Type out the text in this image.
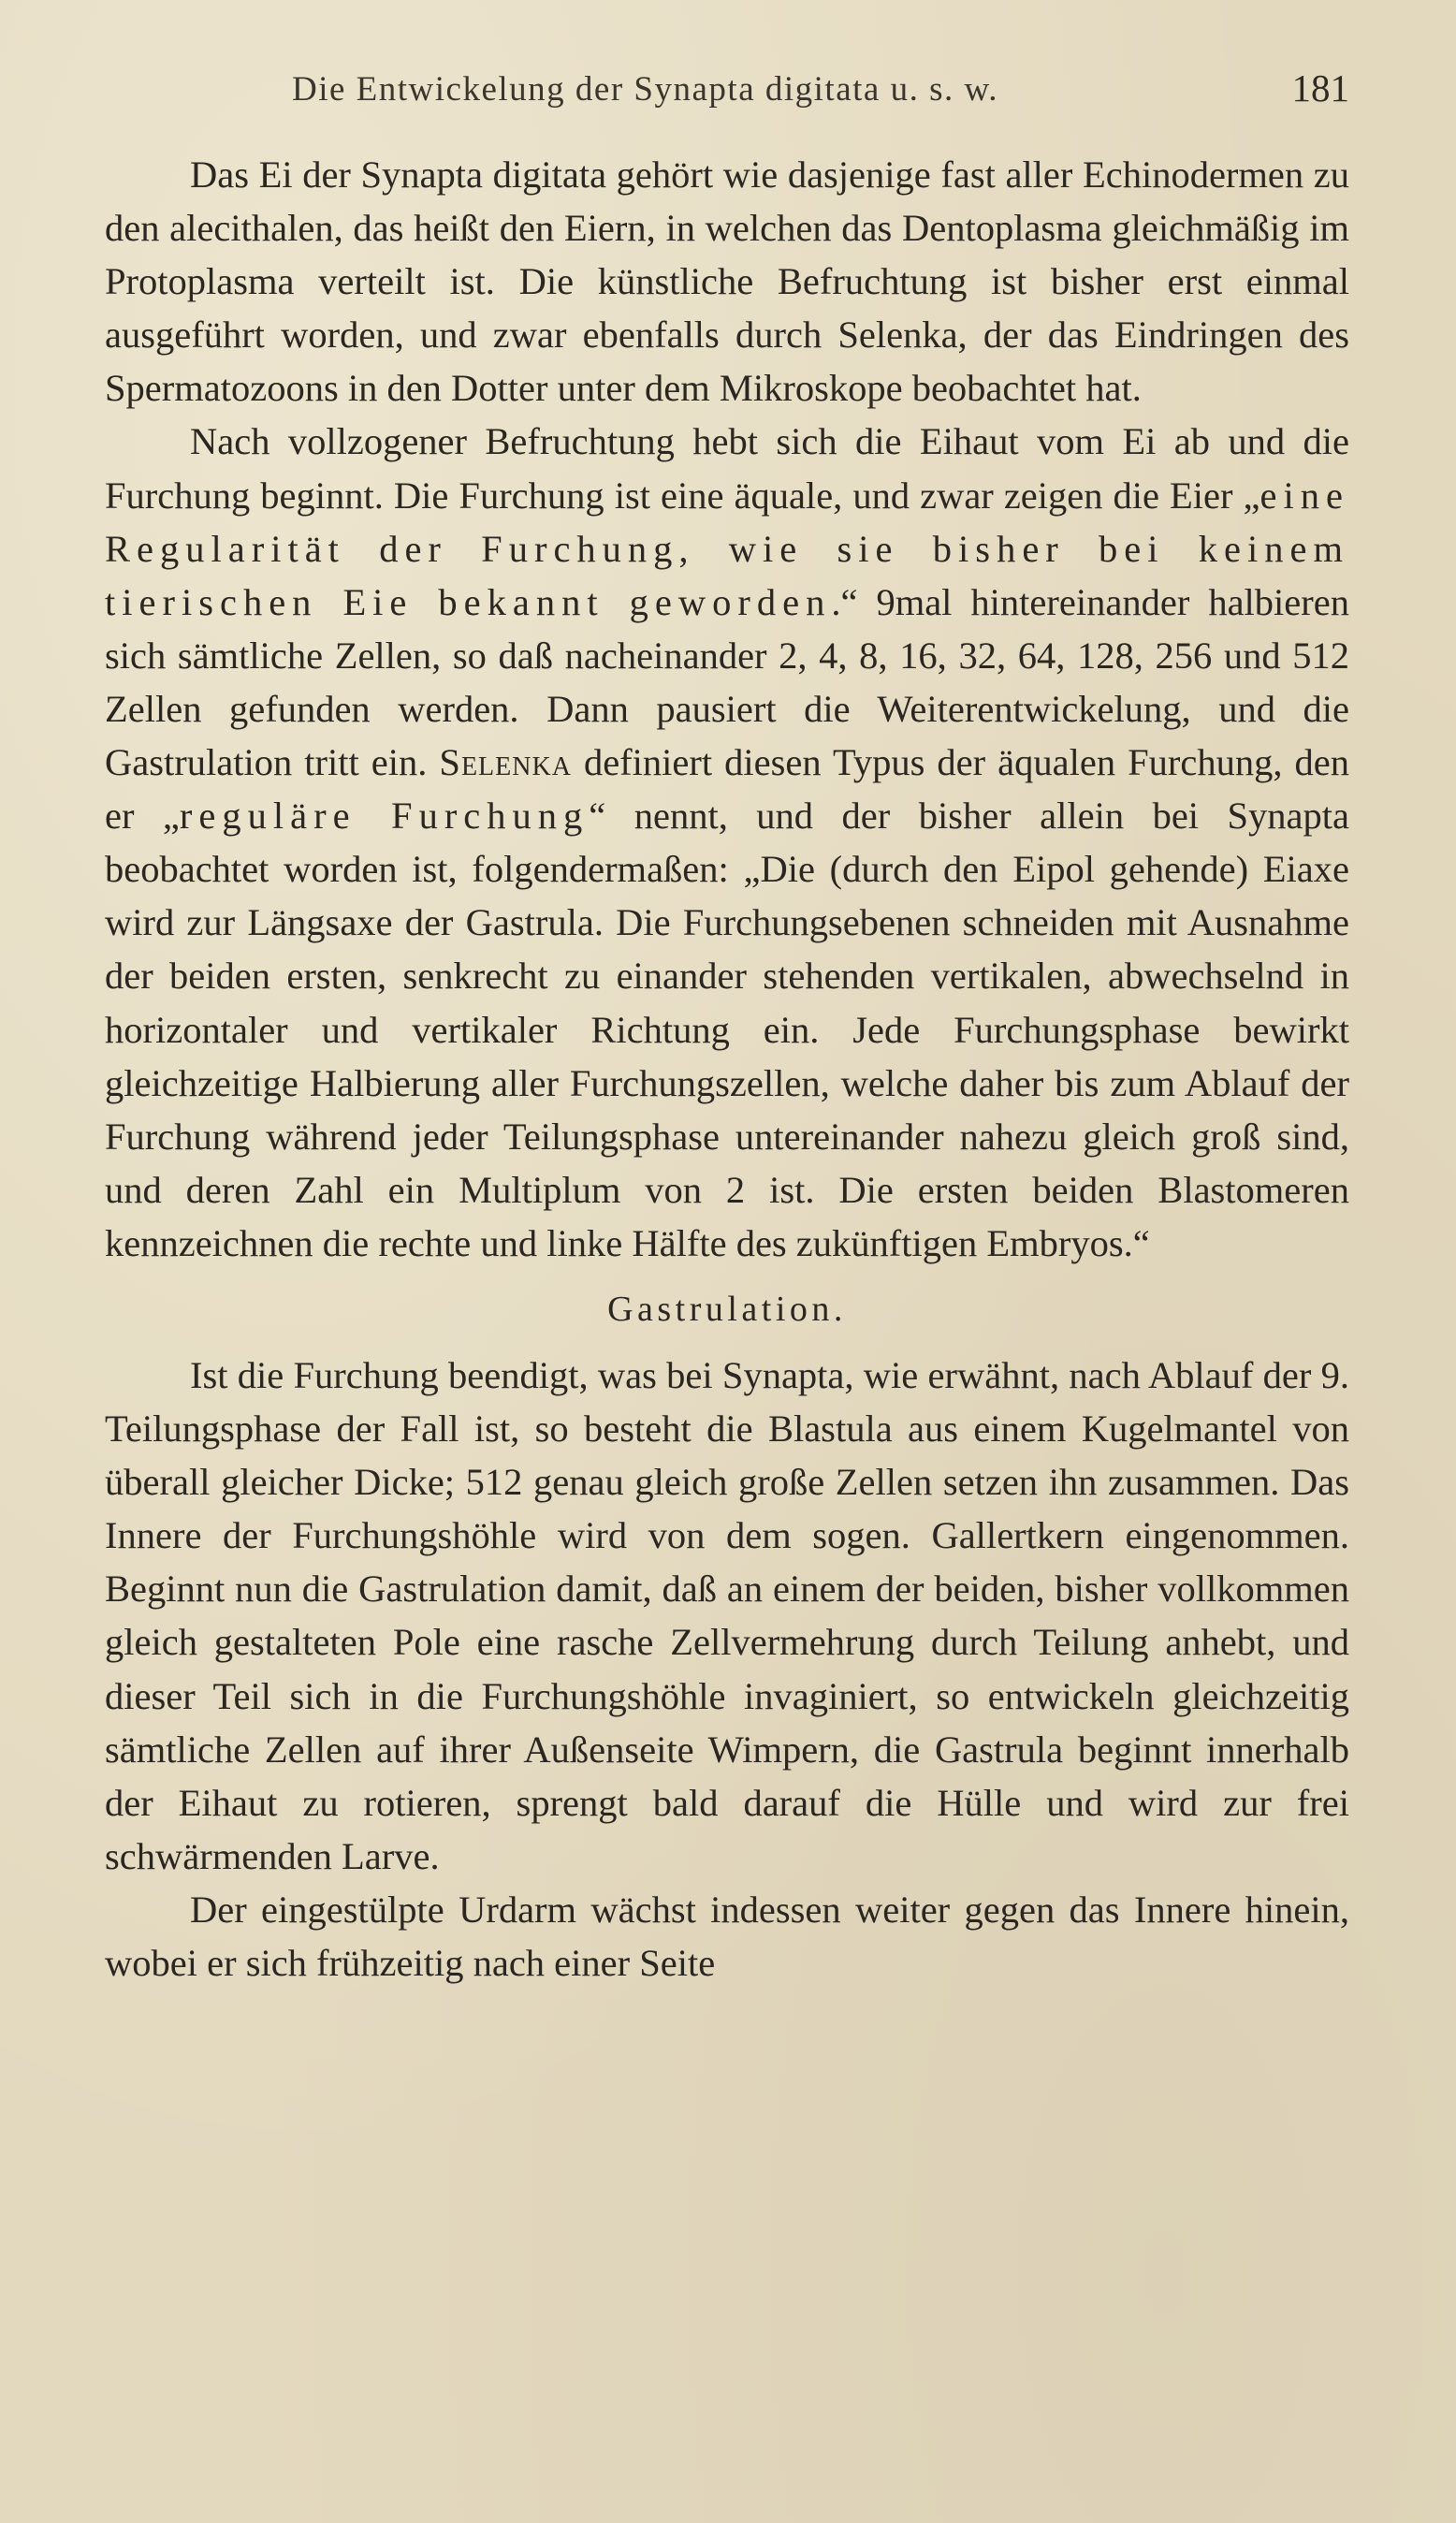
Die Entwickelung der Synapta digitata u. s. w.	181

Das Ei der Synapta digitata gehört wie dasjenige fast aller Echinodermen zu den alecithalen, das heißt den Eiern, in welchen das Dentoplasma gleichmäßig im Protoplasma verteilt ist. Die künstliche Befruchtung ist bisher erst einmal ausgeführt worden, und zwar ebenfalls durch Selenka, der das Eindringen des Spermatozoons in den Dotter unter dem Mikroskope beobachtet hat.

Nach vollzogener Befruchtung hebt sich die Eihaut vom Ei ab und die Furchung beginnt. Die Furchung ist eine äquale, und zwar zeigen die Eier „eine Regularität der Furchung, wie sie bisher bei keinem tierischen Eie bekannt geworden.“ 9mal hintereinander halbieren sich sämtliche Zellen, so daß nacheinander 2, 4, 8, 16, 32, 64, 128, 256 und 512 Zellen gefunden werden. Dann pausiert die Weiterentwickelung, und die Gastrulation tritt ein. Selenka definiert diesen Typus der äqualen Furchung, den er „reguläre Furchung“ nennt, und der bisher allein bei Synapta beobachtet worden ist, folgendermaßen: „Die (durch den Eipol gehende) Eiaxe wird zur Längsaxe der Gastrula. Die Furchungsebenen schneiden mit Ausnahme der beiden ersten, senkrecht zu einander stehenden vertikalen, abwechselnd in horizontaler und vertikaler Richtung ein. Jede Furchungsphase bewirkt gleichzeitige Halbierung aller Furchungszellen, welche daher bis zum Ablauf der Furchung während jeder Teilungsphase untereinander nahezu gleich groß sind, und deren Zahl ein Multiplum von 2 ist. Die ersten beiden Blastomeren kennzeichnen die rechte und linke Hälfte des zukünftigen Embryos.“

Gastrulation.

Ist die Furchung beendigt, was bei Synapta, wie erwähnt, nach Ablauf der 9. Teilungsphase der Fall ist, so besteht die Blastula aus einem Kugelmantel von überall gleicher Dicke; 512 genau gleich große Zellen setzen ihn zusammen. Das Innere der Furchungshöhle wird von dem sogen. Gallertkern eingenommen. Beginnt nun die Gastrulation damit, daß an einem der beiden, bisher vollkommen gleich gestalteten Pole eine rasche Zellvermehrung durch Teilung anhebt, und dieser Teil sich in die Furchungshöhle invaginiert, so entwickeln gleichzeitig sämtliche Zellen auf ihrer Außenseite Wimpern, die Gastrula beginnt innerhalb der Eihaut zu rotieren, sprengt bald darauf die Hülle und wird zur frei schwärmenden Larve.

Der eingestülpte Urdarm wächst indessen weiter gegen das Innere hinein, wobei er sich frühzeitig nach einer Seite
